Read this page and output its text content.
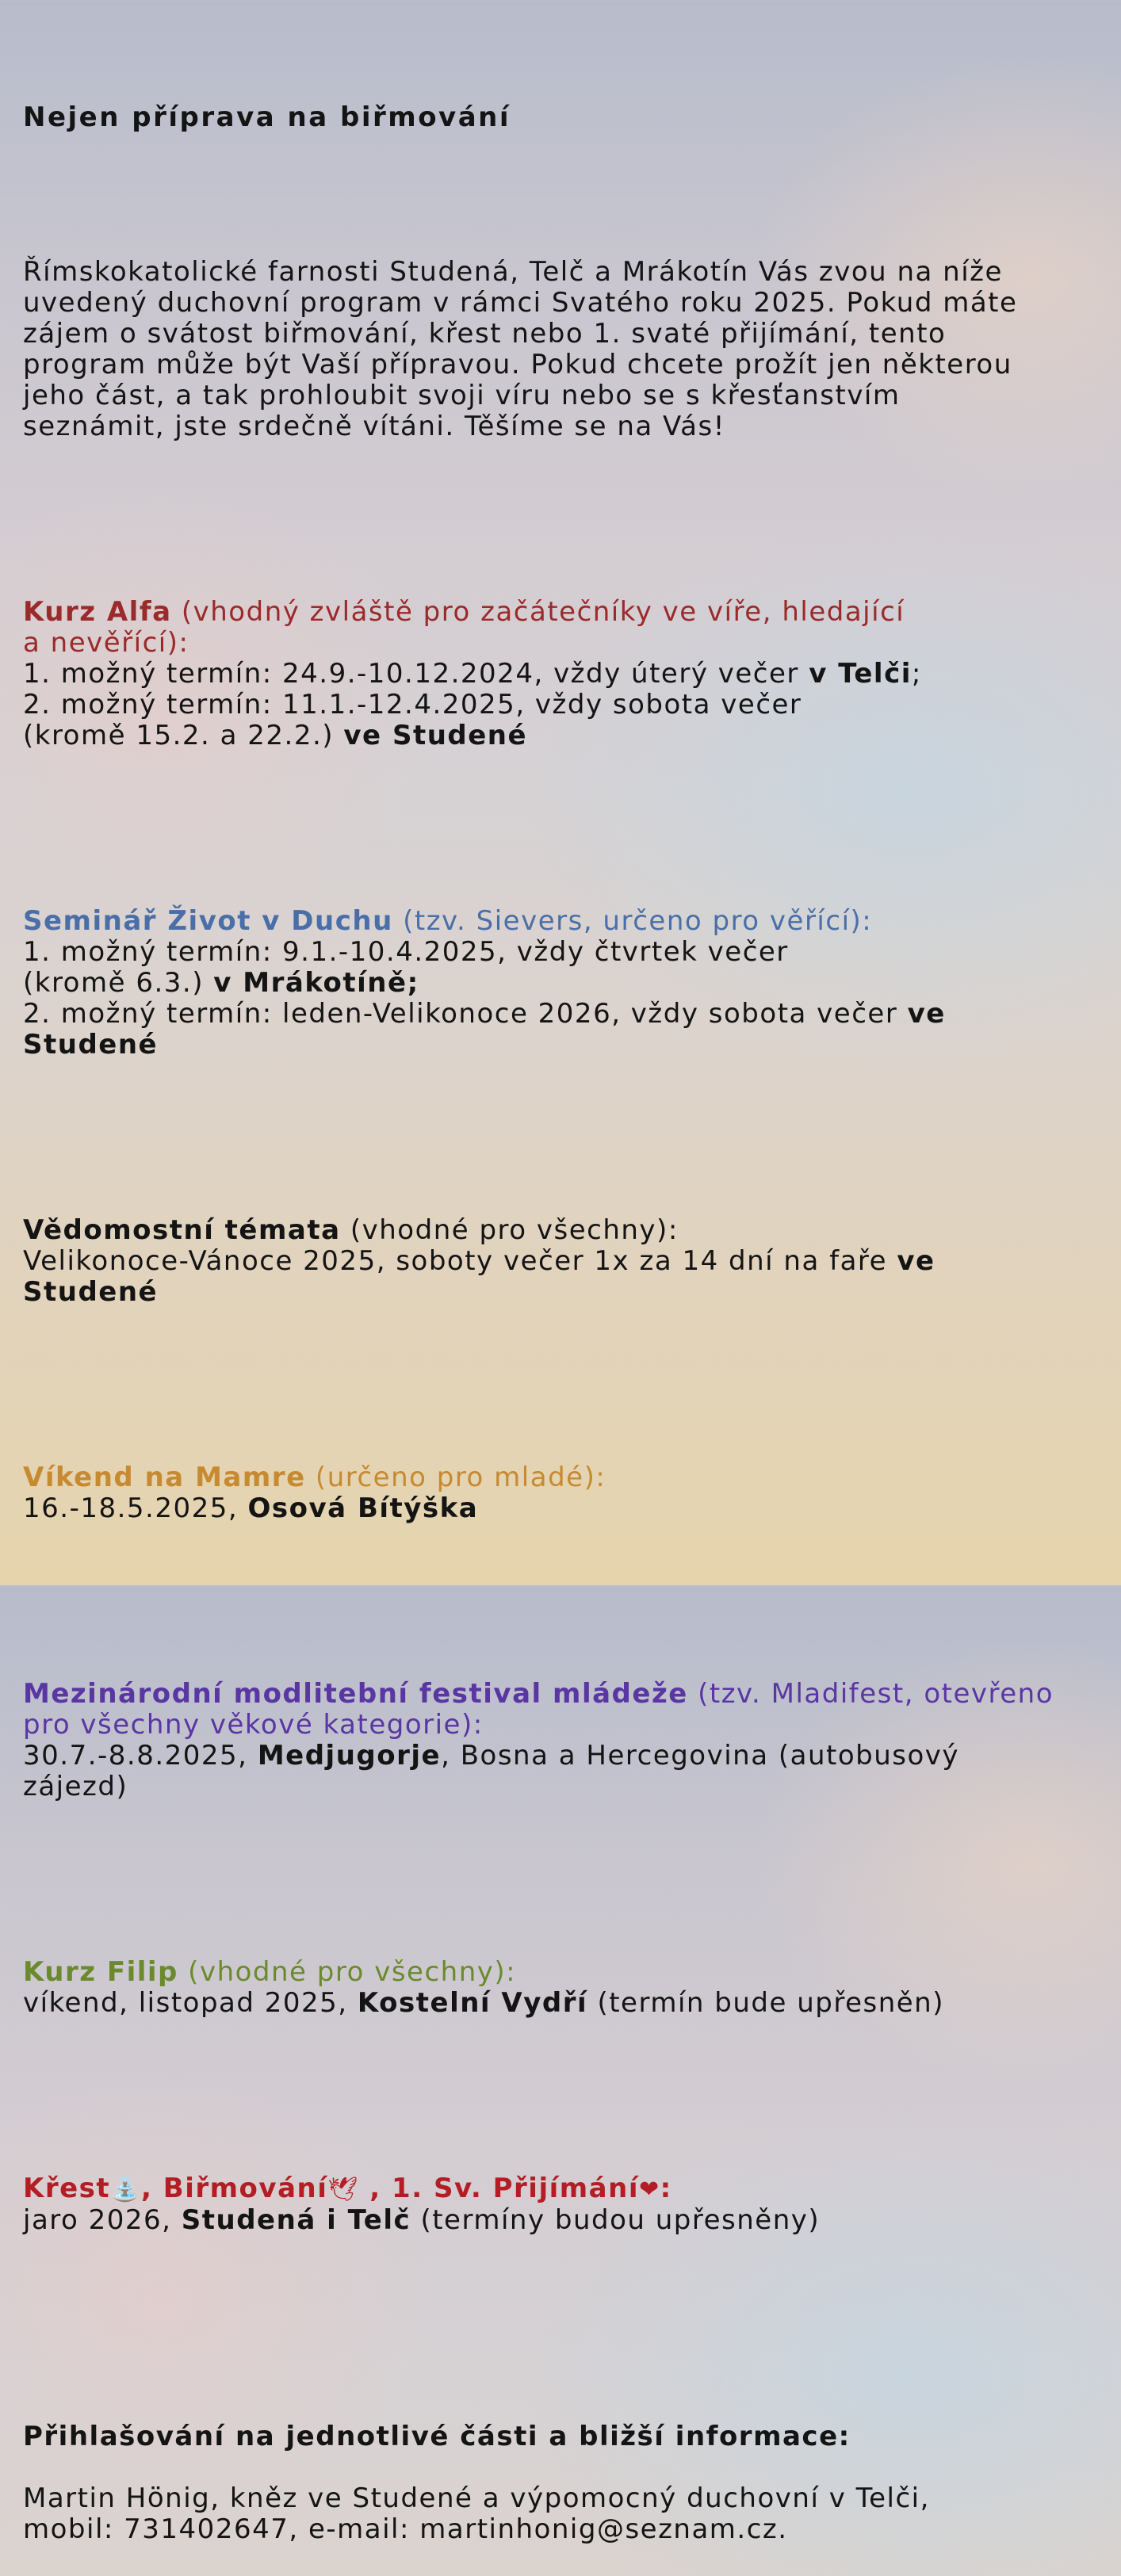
Nejen příprava na biřmování

Římskokatolické farnosti Studená, Telč a Mrákotín Vás zvou na níže
uvedený duchovní program v rámci Svatého roku 2025. Pokud máte
zájem o svátost biřmování, křest nebo 1. svaté přijímání, tento
program může být Vaší přípravou. Pokud chcete prožít jen některou
jeho část, a tak prohloubit svoji víru nebo se s křesťanstvím
seznámit, jste srdečně vítáni. Těšíme se na Vás!

Kurz Alfa (vhodný zvláště pro začátečníky ve víře, hledající
a nevěřící):
1. možný termín: 24.9.-10.12.2024, vždy úterý večer v Telči;
2. možný termín: 11.1.-12.4.2025, vždy sobota večer
(kromě 15.2. a 22.2.) ve Studené

Seminář Život v Duchu (tzv. Sievers, určeno pro věřící):
1. možný termín: 9.1.-10.4.2025, vždy čtvrtek večer
(kromě 6.3.) v Mrákotíně;
2. možný termín: leden-Velikonoce 2026, vždy sobota večer ve
Studené

Vědomostní témata (vhodné pro všechny):
Velikonoce-Vánoce 2025, soboty večer 1x za 14 dní na faře ve
Studené

Víkend na Mamre (určeno pro mladé):
16.-18.5.2025, Osová Bítýška

Mezinárodní modlitební festival mládeže (tzv. Mladifest, otevřeno
pro všechny věkové kategorie):
30.7.-8.8.2025, Medjugorje, Bosna a Hercegovina (autobusový
zájezd)

Kurz Filip (vhodné pro všechny):
víkend, listopad 2025, Kostelní Vydří (termín bude upřesněn)

Křest⛲, Biřmování🕊 , 1. Sv. Přijímání❤:
jaro 2026, Studená i Telč (termíny budou upřesněny)

Přihlašování na jednotlivé části a bližší informace:

Martin Hönig, kněz ve Studené a výpomocný duchovní v Telči,
mobil: 731402647, e-mail: martinhonig@seznam.cz.
